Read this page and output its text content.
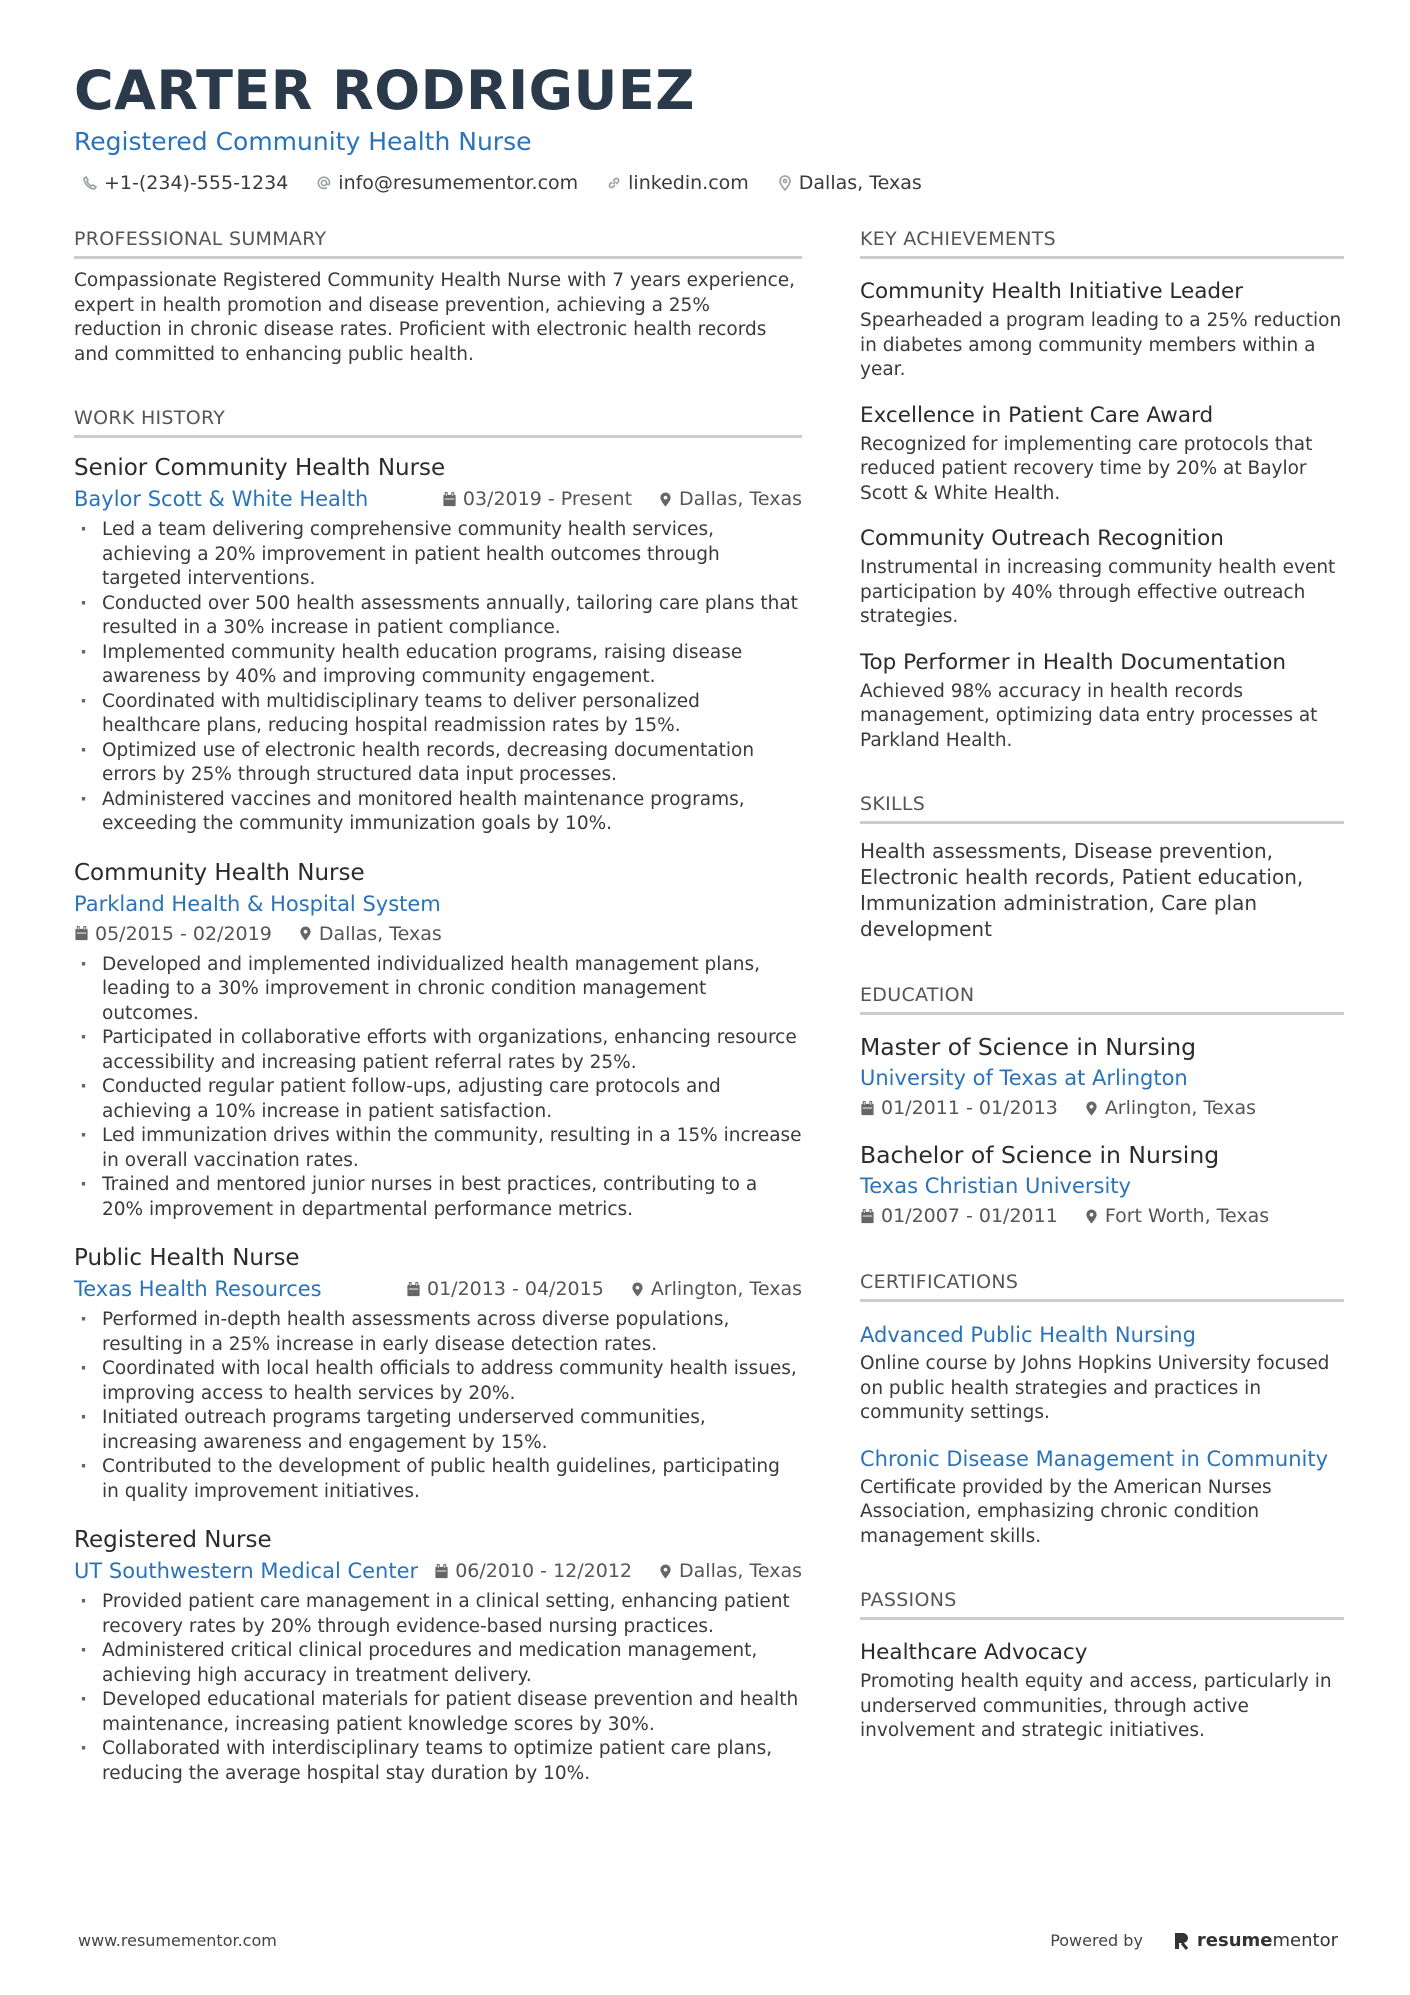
CARTER RODRIGUEZ
Registered Community Health Nurse
+1-(234)-555-1234	info@resumementor.com	linkedin.com	Dallas, Texas
PROFESSIONAL SUMMARY
Compassionate Registered Community Health Nurse with 7 years experience, expert in health promotion and disease prevention, achieving a 25% reduction in chronic disease rates. Proficient with electronic health records and committed to enhancing public health.
WORK HISTORY
Senior Community Health Nurse
Baylor Scott & White Health	03/2019 - Present Dallas, Texas
· Led a team delivering comprehensive community health services, achieving a 20% improvement in patient health outcomes through targeted interventions.
· Conducted over 500 health assessments annually, tailoring care plans that resulted in a 30% increase in patient compliance.
· Implemented community health education programs, raising disease awareness by 40% and improving community engagement.
· Coordinated with multidisciplinary teams to deliver personalized healthcare plans, reducing hospital readmission rates by 15%.
· Optimized use of electronic health records, decreasing documentation errors by 25% through structured data input processes.
· Administered vaccines and monitored health maintenance programs, exceeding the community immunization goals by 10%.
Community Health Nurse
Parkland Health & Hospital System
05/2015 - 02/2019 Dallas, Texas
· Developed and implemented individualized health management plans, leading to a 30% improvement in chronic condition management outcomes.
· Participated in collaborative efforts with organizations, enhancing resource accessibility and increasing patient referral rates by 25%.
· Conducted regular patient follow-ups, adjusting care protocols and achieving a 10% increase in patient satisfaction.
· Led immunization drives within the community, resulting in a 15% increase in overall vaccination rates.
· Trained and mentored junior nurses in best practices, contributing to a 20% improvement in departmental performance metrics.
Public Health Nurse
Texas Health Resources	01/2013 - 04/2015 Arlington, Texas
· Performed in-depth health assessments across diverse populations, resulting in a 25% increase in early disease detection rates.
· Coordinated with local health officials to address community health issues, improving access to health services by 20%.
· Initiated outreach programs targeting underserved communities, increasing awareness and engagement by 15%.
· Contributed to the development of public health guidelines, participating in quality improvement initiatives.
Registered Nurse
UT Southwestern Medical Center 06/2010 - 12/2012 Dallas, Texas
· Provided patient care management in a clinical setting, enhancing patient recovery rates by 20% through evidence-based nursing practices.
· Administered critical clinical procedures and medication management, achieving high accuracy in treatment delivery.
· Developed educational materials for patient disease prevention and health maintenance, increasing patient knowledge scores by 30%.
· Collaborated with interdisciplinary teams to optimize patient care plans, reducing the average hospital stay duration by 10%.
KEY ACHIEVEMENTS
Community Health Initiative Leader
Spearheaded a program leading to a 25% reduction in diabetes among community members within a year.
Excellence in Patient Care Award
Recognized for implementing care protocols that reduced patient recovery time by 20% at Baylor Scott & White Health.
Community Outreach Recognition
Instrumental in increasing community health event participation by 40% through effective outreach strategies.
Top Performer in Health Documentation
Achieved 98% accuracy in health records management, optimizing data entry processes at Parkland Health.
SKILLS
Health assessments, Disease prevention, Electronic health records, Patient education, Immunization administration, Care plan development
EDUCATION
Master of Science in Nursing
University of Texas at Arlington
01/2011 - 01/2013 Arlington, Texas
Bachelor of Science in Nursing
Texas Christian University
01/2007 - 01/2011 Fort Worth, Texas
CERTIFICATIONS
Advanced Public Health Nursing
Online course by Johns Hopkins University focused on public health strategies and practices in community settings.
Chronic Disease Management in Community
Certificate provided by the American Nurses Association, emphasizing chronic condition management skills.
PASSIONS
Healthcare Advocacy
Promoting health equity and access, particularly in underserved communities, through active involvement and strategic initiatives.
www.resumementor.com	Powered by	resumementor
